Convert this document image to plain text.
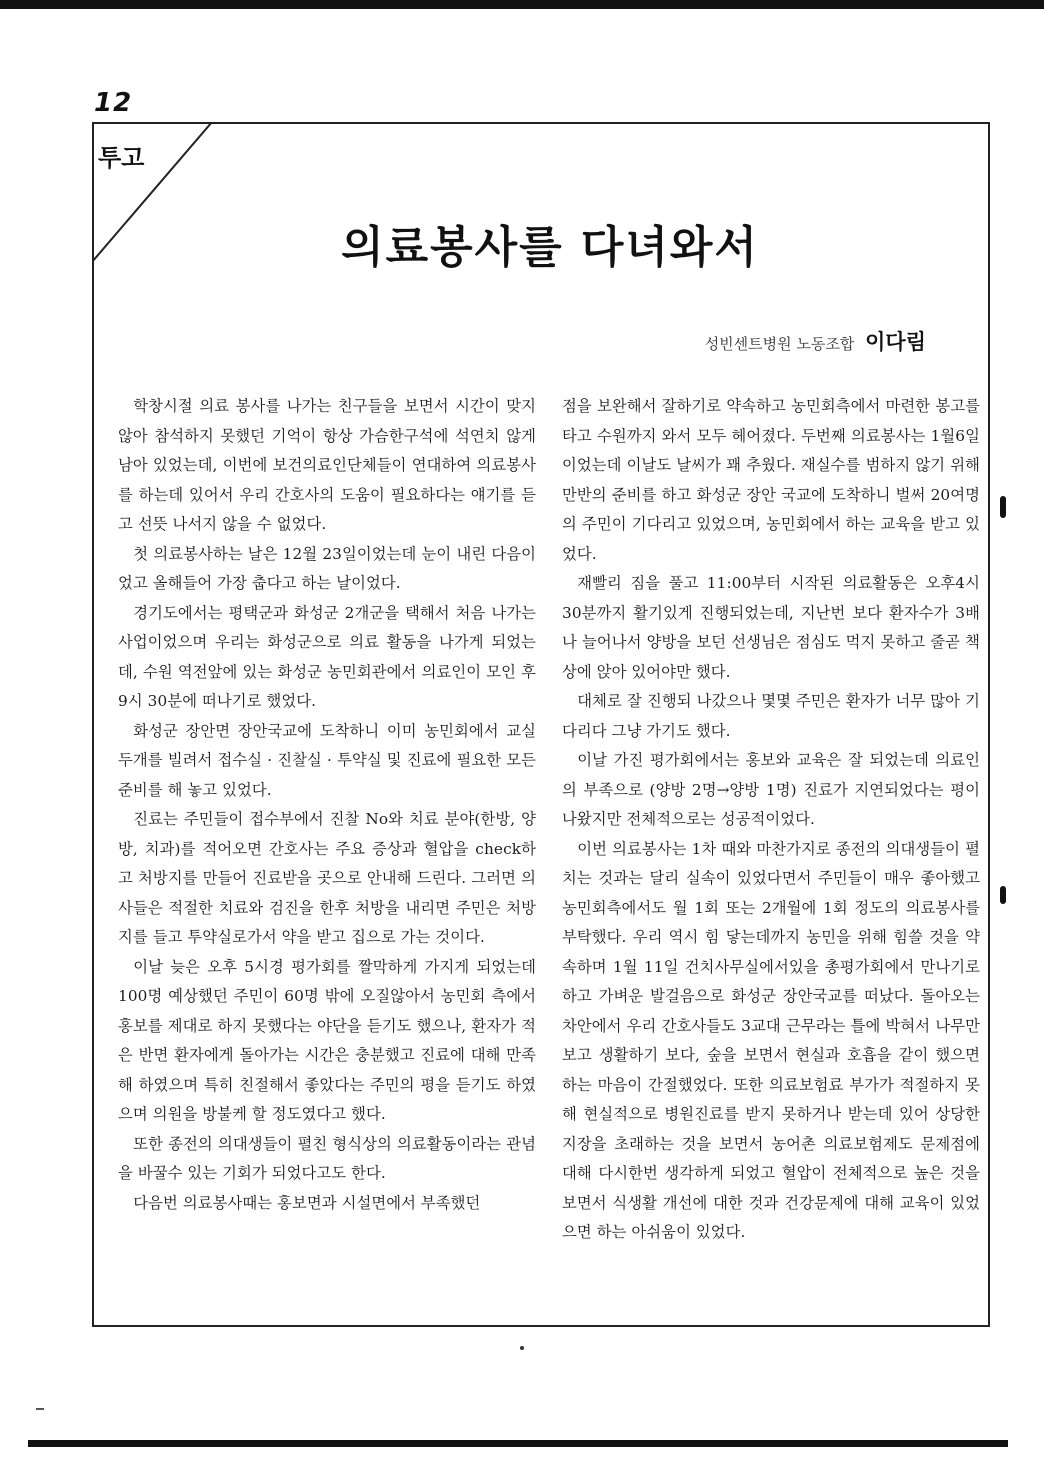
12
투고
의료봉사를 다녀와서
성빈센트병원 노동조합 이다림

학창시절 의료 봉사를 나가는 친구들을 보면서 시간이 맞지 않아 참석하지 못했던 기억이 항상 가슴한구석에 석연치 않게 남아 있었는데, 이번에 보건의료인단체들이 연대하여 의료봉사를 하는데 있어서 우리 간호사의 도움이 필요하다는 얘기를 듣고 선뜻 나서지 않을 수 없었다.

첫 의료봉사하는 날은 12월 23일이었는데 눈이 내린 다음이었고 올해들어 가장 춥다고 하는 날이었다.

경기도에서는 평택군과 화성군 2개군을 택해서 처음 나가는 사업이었으며 우리는 화성군으로 의료 활동을 나가게 되었는데, 수원 역전앞에 있는 화성군 농민회관에서 의료인이 모인 후 9시 30분에 떠나기로 했었다.

화성군 장안면 장안국교에 도착하니 이미 농민회에서 교실 두개를 빌려서 접수실 · 진찰실 · 투약실 및 진료에 필요한 모든 준비를 해 놓고 있었다.

진료는 주민들이 접수부에서 진찰 No와 치료 분야(한방, 양방, 치과)를 적어오면 간호사는 주요 증상과 혈압을 check하고 처방지를 만들어 진료받을 곳으로 안내해 드린다. 그러면 의사들은 적절한 치료와 검진을 한후 처방을 내리면 주민은 처방지를 들고 투약실로가서 약을 받고 집으로 가는 것이다.

이날 늦은 오후 5시경 평가회를 짤막하게 가지게 되었는데 100명 예상했던 주민이 60명 밖에 오질않아서 농민회 측에서 홍보를 제대로 하지 못했다는 야단을 듣기도 했으나, 환자가 적은 반면 환자에게 돌아가는 시간은 충분했고 진료에 대해 만족해 하였으며 특히 친절해서 좋았다는 주민의 평을 듣기도 하였으며 의원을 방불케 할 정도였다고 했다.

또한 종전의 의대생들이 펼친 형식상의 의료활동이라는 관념을 바꿀수 있는 기회가 되었다고도 한다.

다음번 의료봉사때는 홍보면과 시설면에서 부족했던

점을 보완해서 잘하기로 약속하고 농민회측에서 마련한 봉고를 타고 수원까지 와서 모두 헤어졌다. 두번째 의료봉사는 1월6일 이었는데 이날도 날씨가 꽤 추웠다. 재실수를 범하지 않기 위해 만반의 준비를 하고 화성군 장안 국교에 도착하니 벌써 20여명의 주민이 기다리고 있었으며, 농민회에서 하는 교육을 받고 있었다.

재빨리 짐을 풀고 11:00부터 시작된 의료활동은 오후4시 30분까지 활기있게 진행되었는데, 지난번 보다 환자수가 3배나 늘어나서 양방을 보던 선생님은 점심도 먹지 못하고 줄곧 책상에 앉아 있어야만 했다.

대체로 잘 진행되 나갔으나 몇몇 주민은 환자가 너무 많아 기다리다 그냥 가기도 했다.

이날 가진 평가회에서는 홍보와 교육은 잘 되었는데 의료인의 부족으로 (양방 2명→양방 1명) 진료가 지연되었다는 평이 나왔지만 전체적으로는 성공적이었다.

이번 의료봉사는 1차 때와 마찬가지로 종전의 의대생들이 펼치는 것과는 달리 실속이 있었다면서 주민들이 매우 좋아했고 농민회측에서도 월 1회 또는 2개월에 1회 정도의 의료봉사를 부탁했다. 우리 역시 힘 닿는데까지 농민을 위해 힘쓸 것을 약속하며 1월 11일 건치사무실에서있을 총평가회에서 만나기로 하고 가벼운 발걸음으로 화성군 장안국교를 떠났다. 돌아오는 차안에서 우리 간호사들도 3교대 근무라는 틀에 박혀서 나무만 보고 생활하기 보다, 숲을 보면서 현실과 호흡을 같이 했으면 하는 마음이 간절했었다. 또한 의료보험료 부가가 적절하지 못해 현실적으로 병원진료를 받지 못하거나 받는데 있어 상당한 지장을 초래하는 것을 보면서 농어촌 의료보험제도 문제점에 대해 다시한번 생각하게 되었고 혈압이 전체적으로 높은 것을 보면서 식생활 개선에 대한 것과 건강문제에 대해 교육이 있었으면 하는 아쉬움이 있었다.
